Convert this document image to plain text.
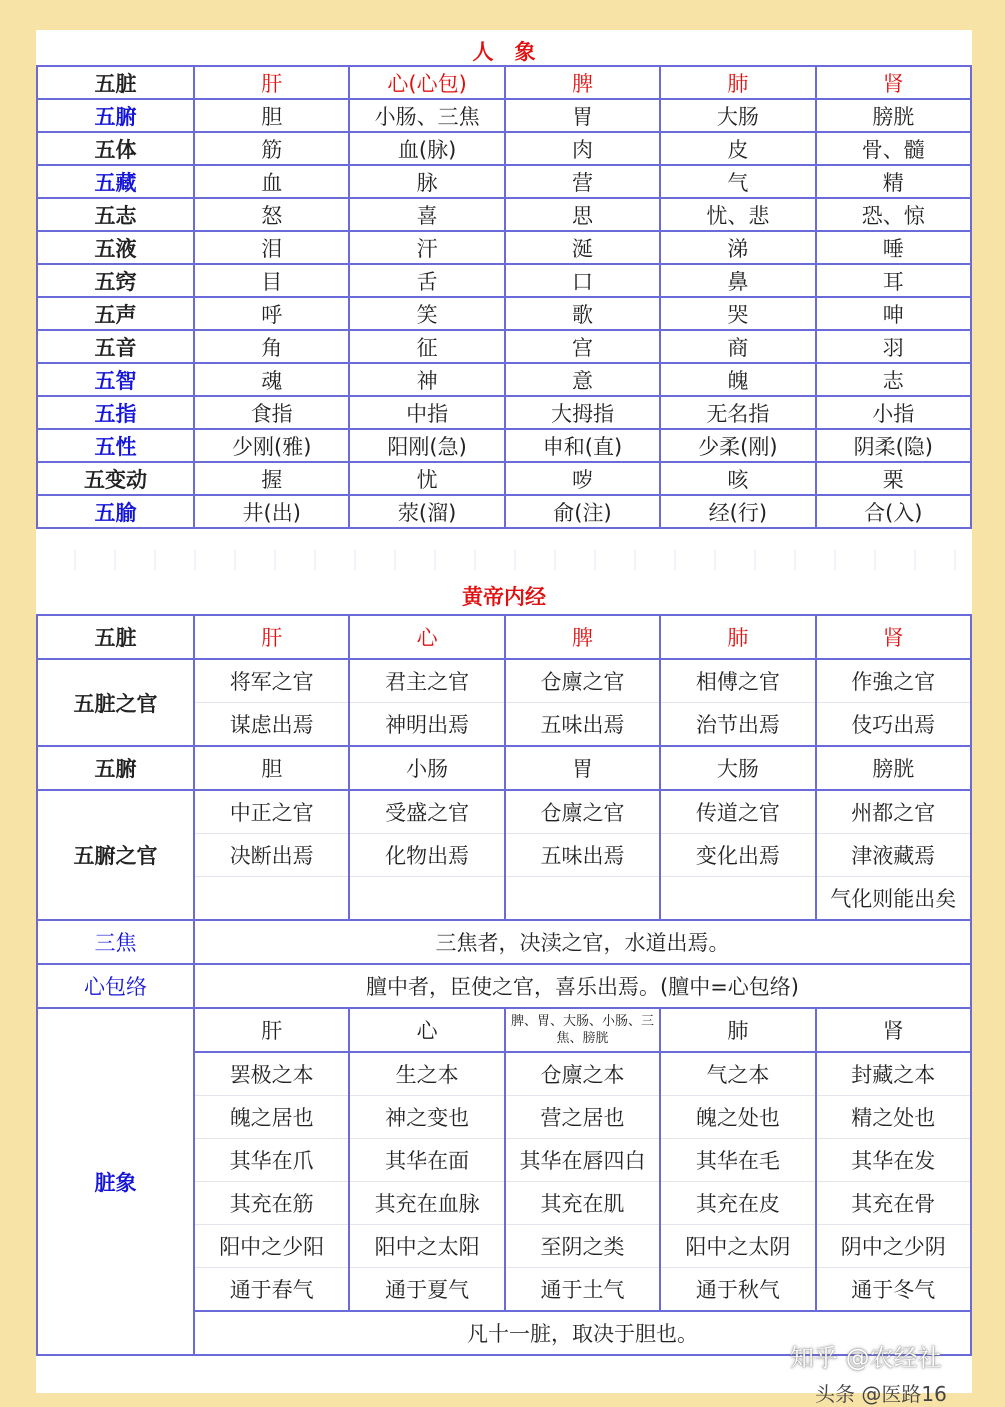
人　象
五脏	肝	心(心包)	脾	肺	肾
五腑	胆	小肠、三焦	胃	大肠	膀胱
五体	筋	血(脉)	肉	皮	骨、髓
五藏	血	脉	营	气	精
五志	怒	喜	思	忧、悲	恐、惊
五液	泪	汗	涎	涕	唾
五窍	目	舌	口	鼻	耳
五声	呼	笑	歌	哭	呻
五音	角	征	宫	商	羽
五智	魂	神	意	魄	志
五指	食指	中指	大拇指	无名指	小指
五性	少刚(雅)	阳刚(急)	申和(直)	少柔(刚)	阴柔(隐)
五变动	握	忧	哕	咳	栗
五腧	井(出)	荥(溜)	俞(注)	经(行)	合(入)
黄帝内经
五脏	肝	心	脾	肺	肾
五脏之官	将军之官	君主之官	仓廪之官	相傅之官	作強之官
	谋虑出焉	神明出焉	五味出焉	治节出焉	伎巧出焉
五腑	胆	小肠	胃	大肠	膀胱
五腑之官	中正之官	受盛之官	仓廪之官	传道之官	州都之官
	决断出焉	化物出焉	五味出焉	变化出焉	津液藏焉
					气化则能出矣
三焦	三焦者，决渎之官，水道出焉。				
心包络	膻中者，臣使之官，喜乐出焉。(膻中=心包络)				
脏象	肝	心	脾、胃、大肠、小肠、三焦、膀胱	肺	肾
	罢极之本	生之本	仓廪之本	气之本	封藏之本
	魄之居也	神之变也	营之居也	魄之处也	精之处也
	其华在爪	其华在面	其华在唇四白	其华在毛	其华在发
	其充在筋	其充在血脉	其充在肌	其充在皮	其充在骨
	阳中之少阳	阳中之太阳	至阴之类	阳中之太阴	阴中之少阴
	通于春气	通于夏气	通于土气	通于秋气	通于冬气
	凡十一脏，取决于胆也。				
知乎 @农经社
头条 @医路16
